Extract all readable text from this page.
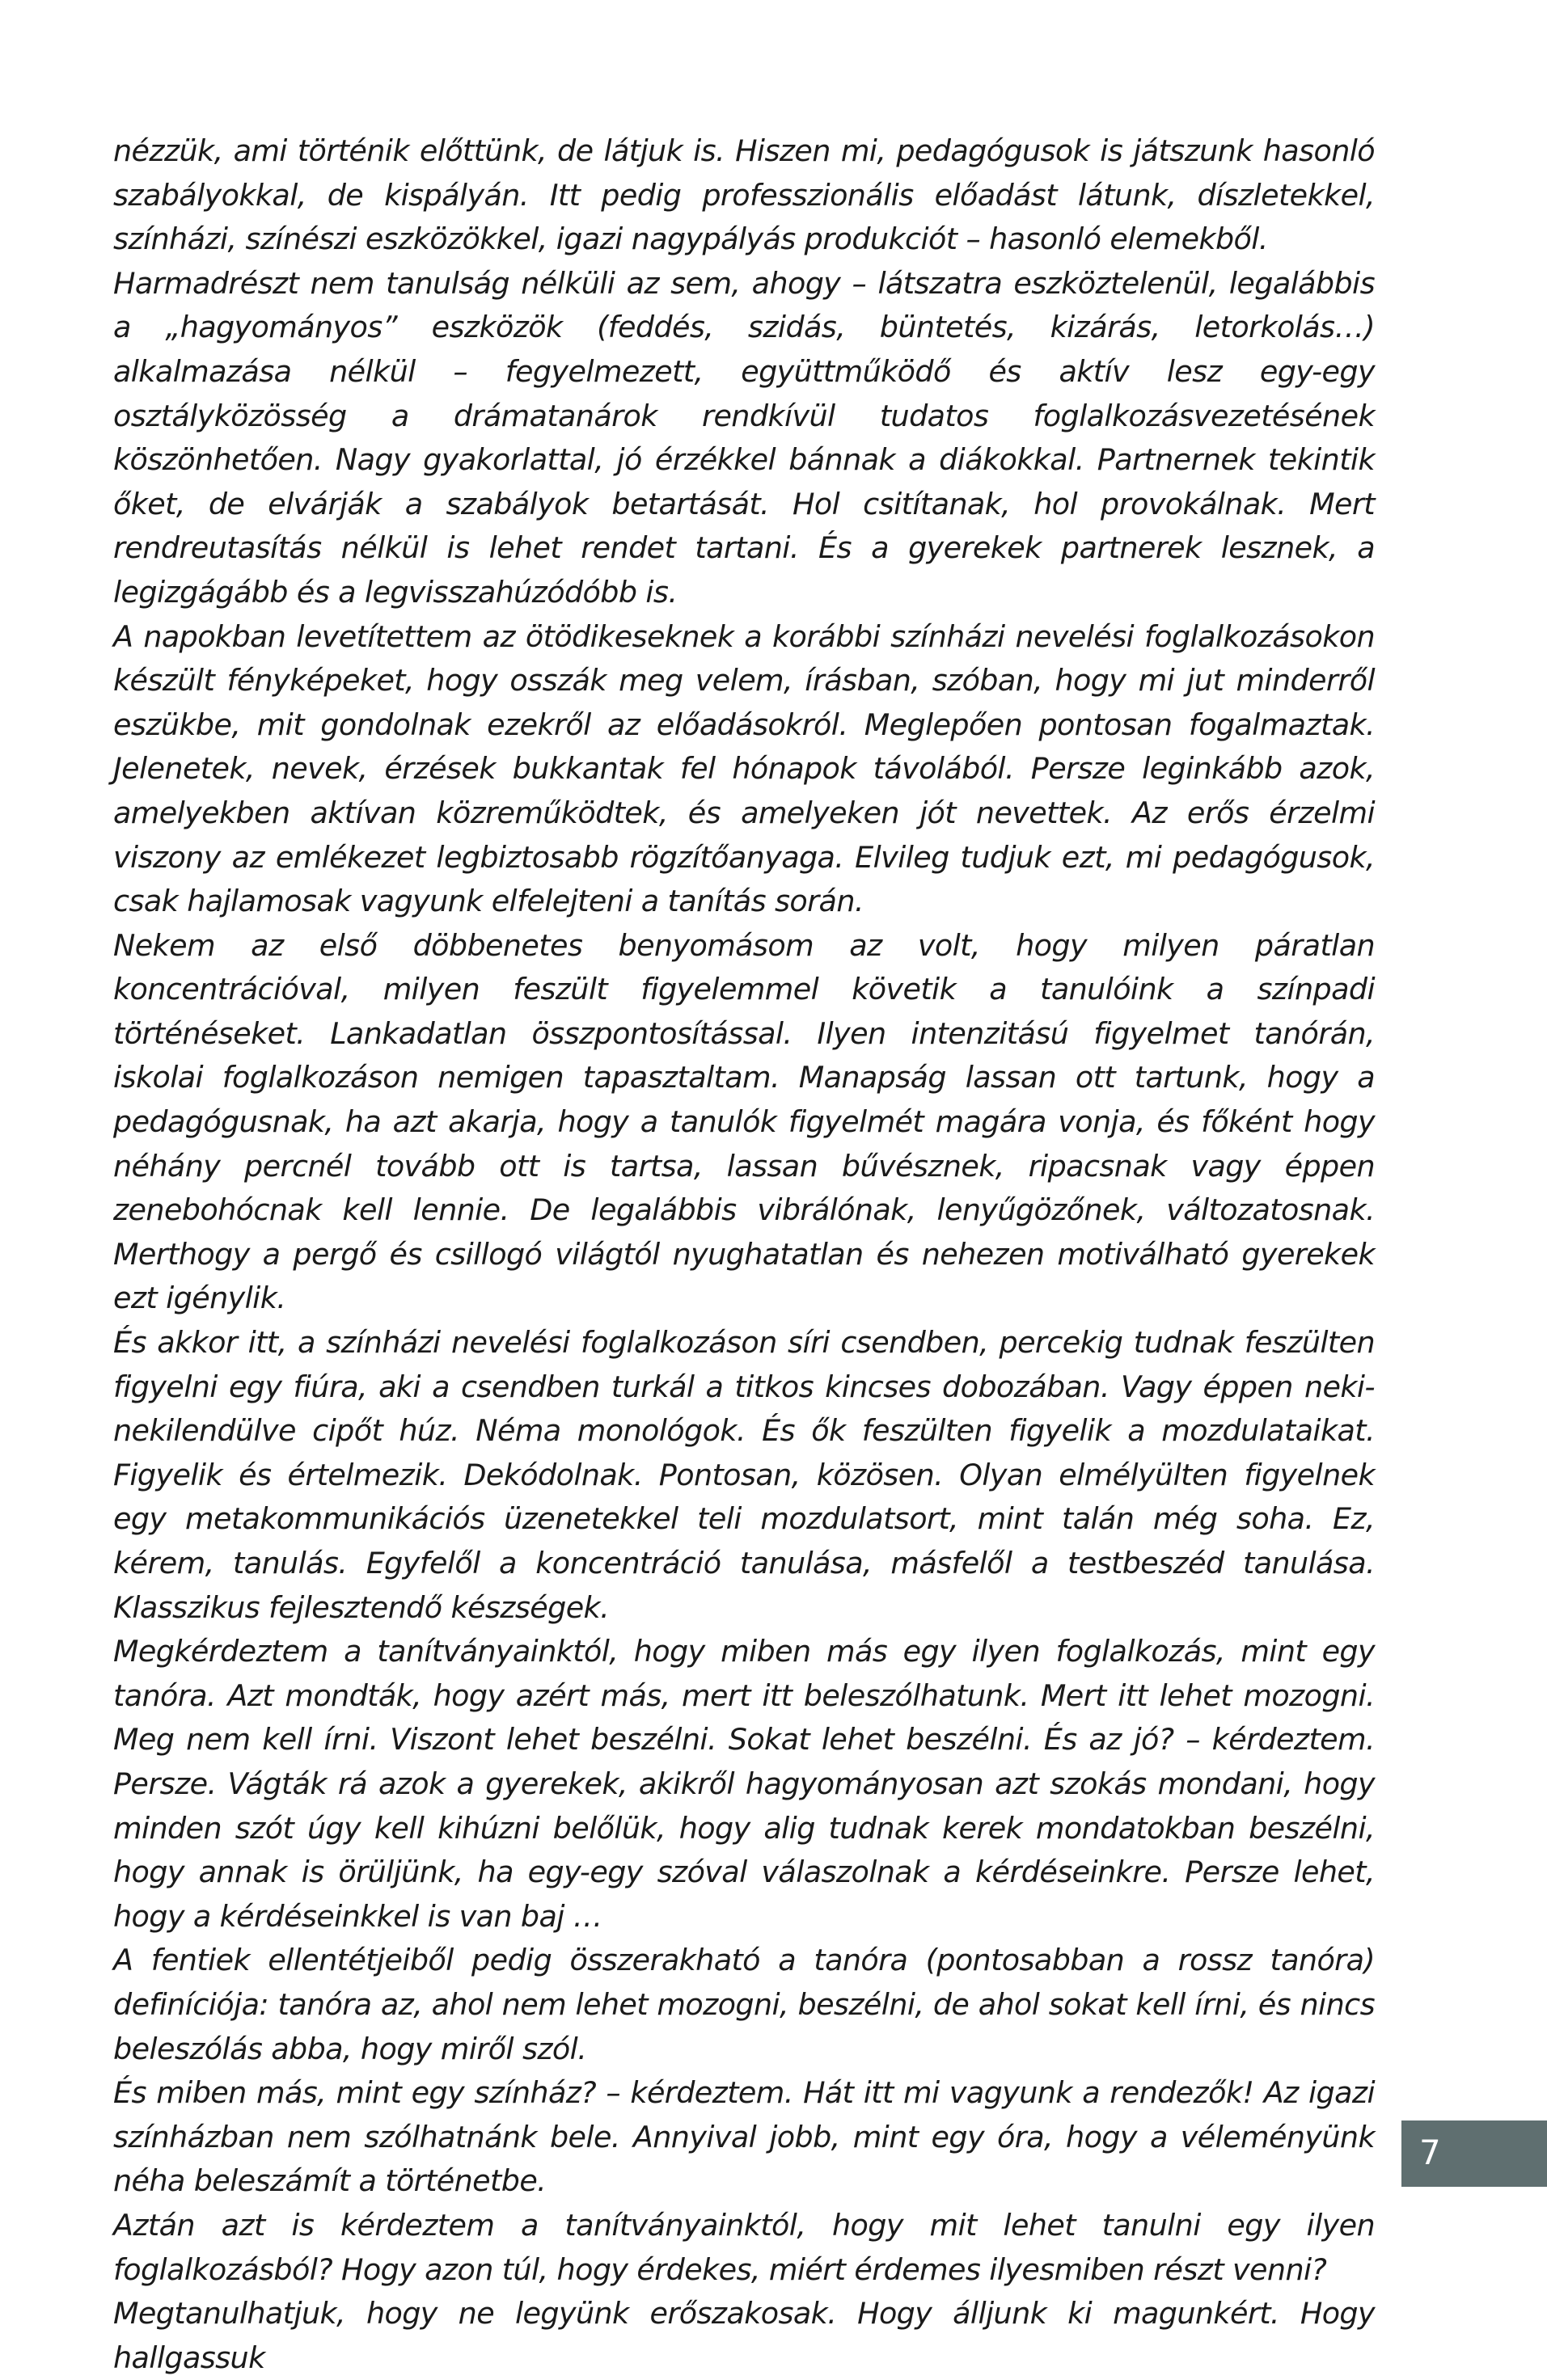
nézzük, ami történik előttünk, de látjuk is. Hiszen mi, pedagógusok is játszunk hasonló szabályokkal, de kispályán. Itt pedig professzionális előadást látunk, díszletekkel, színházi, színészi eszközökkel, igazi nagypályás produkciót – hasonló elemekből.

Harmadrészt nem tanulság nélküli az sem, ahogy – látszatra eszköztelenül, legalábbis a „hagyományos” eszközök (feddés, szidás, büntetés, kizárás, letorkolás…) alkalmazása nélkül – fegyelmezett, együttműködő és aktív lesz egy-egy osztályközösség a drámatanárok rendkívül tudatos foglalkozásvezetésének köszönhetően. Nagy gyakorlattal, jó érzékkel bánnak a diákokkal. Partnernek tekintik őket, de elvárják a szabályok betartását. Hol csitítanak, hol provokálnak. Mert rendreutasítás nélkül is lehet rendet tartani. És a gyerekek partnerek lesznek, a legizgágább és a legvisszahúzódóbb is.

A napokban levetítettem az ötödikeseknek a korábbi színházi nevelési foglalkozásokon készült fényképeket, hogy osszák meg velem, írásban, szóban, hogy mi jut minderről eszükbe, mit gondolnak ezekről az előadásokról. Meglepően pontosan fogalmaztak. Jelenetek, nevek, érzések bukkantak fel hónapok távolából. Persze leginkább azok, amelyekben aktívan közreműködtek, és amelyeken jót nevettek. Az erős érzelmi viszony az emlékezet legbiztosabb rögzítőanyaga. Elvileg tudjuk ezt, mi pedagógusok, csak hajlamosak vagyunk elfelejteni a tanítás során.

Nekem az első döbbenetes benyomásom az volt, hogy milyen páratlan koncentrációval, milyen feszült figyelemmel követik a tanulóink a színpadi történéseket. Lankadatlan összpontosítással. Ilyen intenzitású figyelmet tanórán, iskolai foglalkozáson nemigen tapasztaltam. Manapság lassan ott tartunk, hogy a pedagógusnak, ha azt akarja, hogy a tanulók figyelmét magára vonja, és főként hogy néhány percnél tovább ott is tartsa, lassan bűvésznek, ripacsnak vagy éppen zenebohócnak kell lennie. De legalábbis vibrálónak, lenyűgözőnek, változatosnak. Merthogy a pergő és csillogó világtól nyughatatlan és nehezen motiválható gyerekek ezt igénylik.

És akkor itt, a színházi nevelési foglalkozáson síri csendben, percekig tudnak feszülten figyelni egy fiúra, aki a csendben turkál a titkos kincses dobozában. Vagy éppen neki-nekilendülve cipőt húz. Néma monológok. És ők feszülten figyelik a mozdulataikat. Figyelik és értelmezik. Dekódolnak. Pontosan, közösen. Olyan elmélyülten figyelnek egy metakommunikációs üzenetekkel teli mozdulatsort, mint talán még soha. Ez, kérem, tanulás. Egyfelől a koncentráció tanulása, másfelől a testbeszéd tanulása. Klasszikus fejlesztendő készségek.

Megkérdeztem a tanítványainktól, hogy miben más egy ilyen foglalkozás, mint egy tanóra. Azt mondták, hogy azért más, mert itt beleszólhatunk. Mert itt lehet mozogni. Meg nem kell írni. Viszont lehet beszélni. Sokat lehet beszélni. És az jó? – kérdeztem. Persze. Vágták rá azok a gyerekek, akikről hagyományosan azt szokás mondani, hogy minden szót úgy kell kihúzni belőlük, hogy alig tudnak kerek mondatokban beszélni, hogy annak is örüljünk, ha egy-egy szóval válaszolnak a kérdéseinkre. Persze lehet, hogy a kérdéseinkkel is van baj …

A fentiek ellentétjeiből pedig összerakható a tanóra (pontosabban a rossz tanóra) definíciója: tanóra az, ahol nem lehet mozogni, beszélni, de ahol sokat kell írni, és nincs beleszólás abba, hogy miről szól.

És miben más, mint egy színház? – kérdeztem. Hát itt mi vagyunk a rendezők! Az igazi színházban nem szólhatnánk bele. Annyival jobb, mint egy óra, hogy a véleményünk néha beleszámít a történetbe.

Aztán azt is kérdeztem a tanítványainktól, hogy mit lehet tanulni egy ilyen foglalkozásból? Hogy azon túl, hogy érdekes, miért érdemes ilyesmiben részt venni?

Megtanulhatjuk, hogy ne legyünk erőszakosak. Hogy álljunk ki magunkért. Hogy hallgassuk

7
